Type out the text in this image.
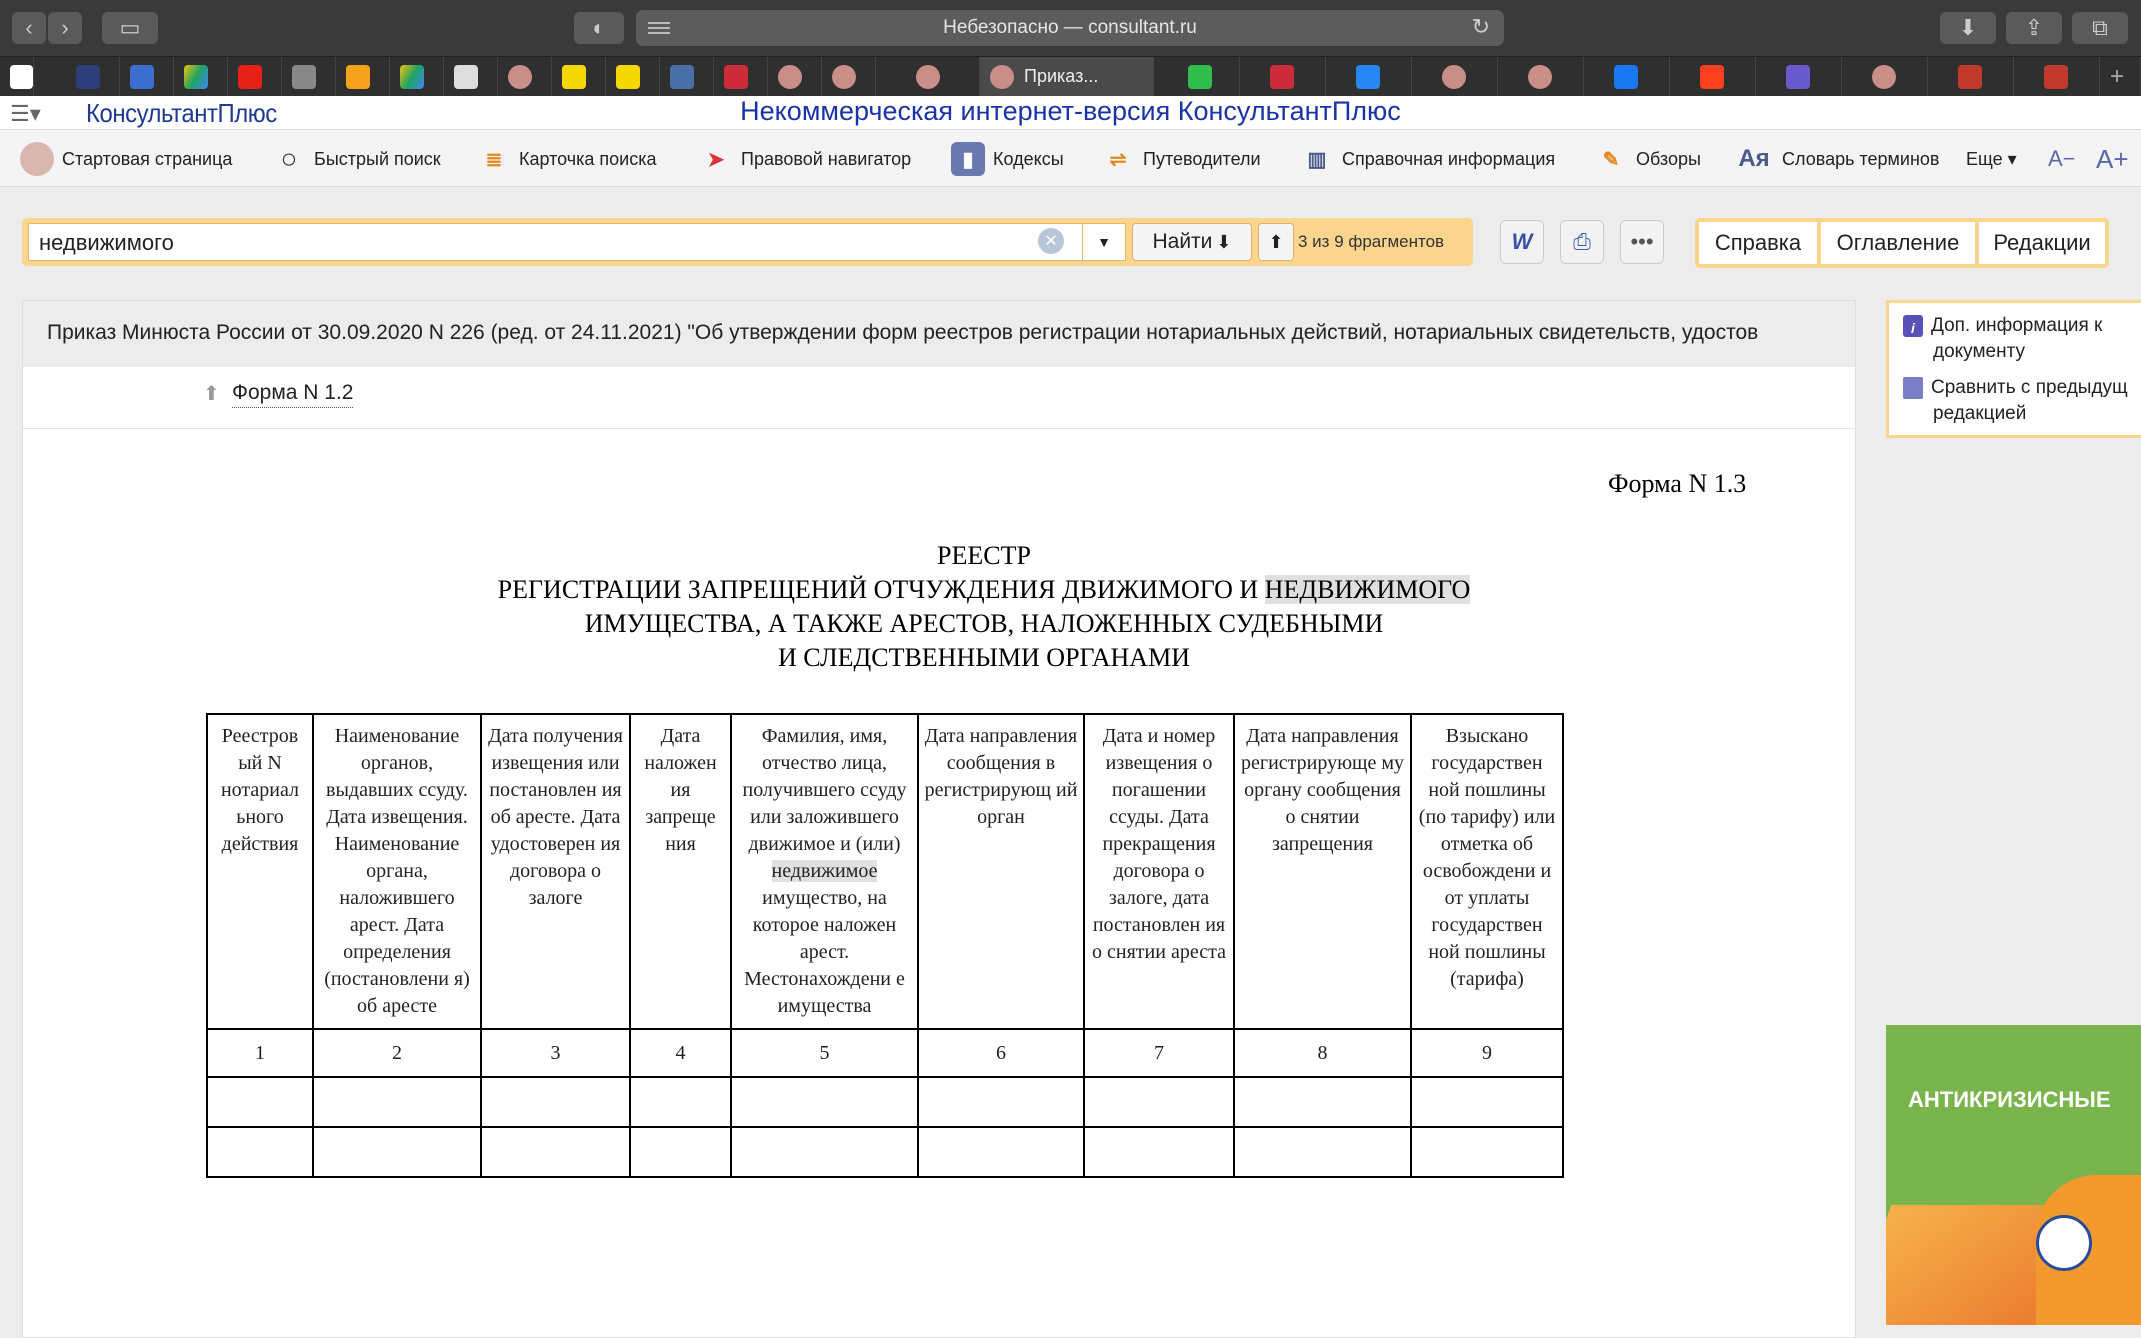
‹	›	▭	◐	Небезопасно — consultant.ru	↻	⬇	⇪	⧉
Приказ...	+
☰▾ КонсультантПлюс	Некоммерческая интернет-версия КонсультантПлюс
Стартовая страница	○ Быстрый поиск	≣ Карточка поиска	➤ Правовой навигатор	▮	Кодексы	⇌ Путеводители	▥ Справочная информация	✎ Обзоры Aя Словарь терминов Еще ▾ A− A+
недвижимого	✕	▼	Найти ⬇	⬆ 3 из 9 фрагментов	W	⎙	•••	Справка	Оглавление	Редакции
Приказ Минюста России от 30.09.2020 N 226 (ред. от 24.11.2021) "Об утверждении форм реестров регистрации нотариальных действий, нотариальных свидетельств, удостов
⬆ Форма N 1.2
Форма N 1.3
РЕЕСТР
РЕГИСТРАЦИИ ЗАПРЕЩЕНИЙ ОТЧУЖДЕНИЯ ДВИЖИМОГО И НЕДВИЖИМОГО
ИМУЩЕСТВА, А ТАКЖЕ АРЕСТОВ, НАЛОЖЕННЫХ СУДЕБНЫМИ
И СЛЕДСТВЕННЫМИ ОРГАНАМИ
Реестров ый N нотариал ьного действия	Наименование органов, выдавших ссуду. Дата извещения. Наименование органа, наложившего арест. Дата определения (постановлени я) об аресте	Дата получения извещения или постановлен ия об аресте. Дата удостоверен ия договора о залоге	Дата наложен ия запреще ния	Фамилия, имя, отчество лица, получившего ссуду или заложившего движимое и (или) недвижимое имущество, на которое наложен арест. Местонахождени е имущества	Дата направления сообщения в регистрирующ ий орган	Дата и номер извещения о погашении ссуды. Дата прекращения договора о залоге, дата постановлен ия о снятии ареста	Дата направления регистрирующе му органу сообщения о снятии запрещения	Взыскано государствен ной пошлины (по тарифу) или отметка об освобождени и от уплаты государствен ной пошлины (тарифа)
1	2	3	4	5	6	7	8	9

i Доп. информация к документу
Сравнить с предыдущ редакцией
АНТИКРИЗИСНЫЕ
